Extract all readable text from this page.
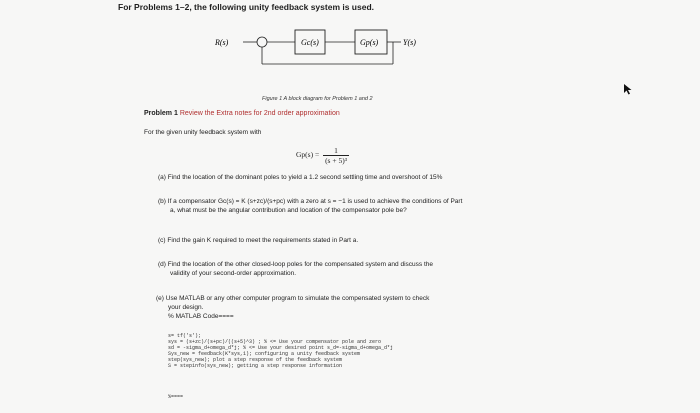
For Problems 1–2, the following unity feedback system is used.
R(s)	Gc(s)	Gp(s)	Y(s)
Figure 1 A block diagram for Problem 1 and 2
Problem 1 Review the Extra notes for 2nd order approximation
For the given unity feedback system with
$Gp(s) = \frac{1}{\text{(s + 5)³}}$
(a) Find the location of the dominant poles to yield a 1.2 second settling time and overshoot of 15%
(b) If a compensator Gc(s) = K (s+zc)/(s+pc) with a zero at s = −1 is used to achieve the conditions of Part
a, what must be the angular contribution and location of the compensator pole be?
(c) Find the gain K required to meet the requirements stated in Part a.
(d) Find the location of the other closed-loop poles for the compensated system and discuss the
validity of your second-order approximation.
(e) Use MATLAB or any other computer program to simulate the compensated system to check
your design.
% MATLAB Code====
s= tf('s');
sys = (s+zc)/(s+pc)/((s+5)^3) ; % <= Use your compensator pole and zero
sd = -sigma_d+omega_d*j; % <= Use your desired point s_d=-sigma_d+omega_d*j
Sys_new = feedback(K*sys,1); configuring a unity feedback system
step(sys_new); plot a step response of the feedback system
S = stepinfo(sys_new); getting a step response information
%====
